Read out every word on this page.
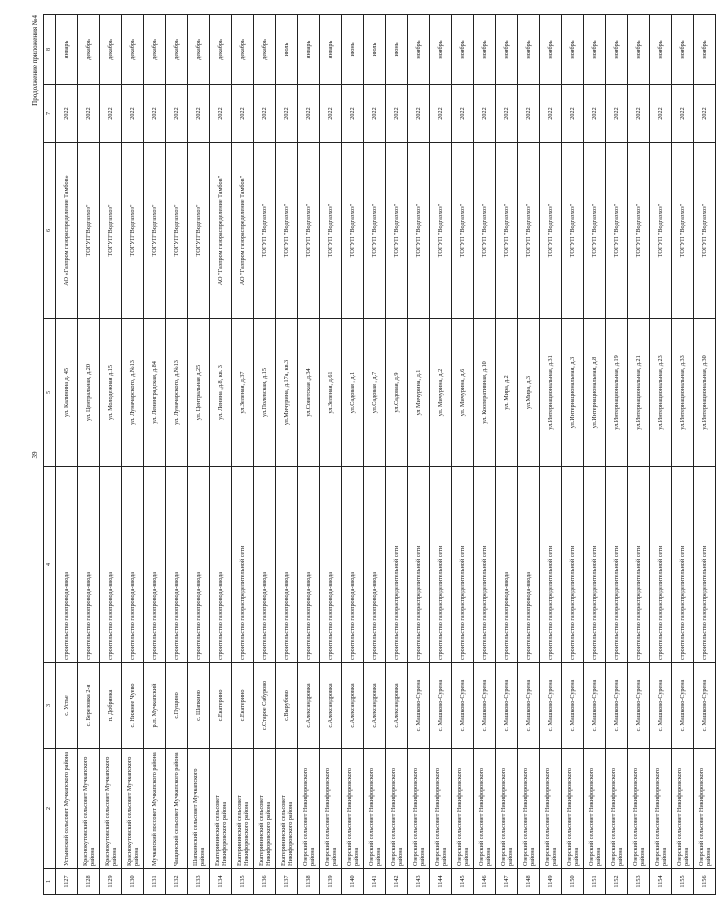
39
Продолжение приложения №4
1	2	3	4	5	6	7	8
1127	Устьинский сельсовет Мучкапского района	с. Устье	строительство газопровода-ввода	ул. Калинина д. 45	АО «Газпром газораспределение Тамбов»	2022	январь
1128	Краснокутовский сельсовет Мучкапского района	с. Березовка 2-я	строительство газопровода-ввода	ул. Центральная, д.20	ТОГУП"Водгазхоз"	2022	декабрь
1129	Краснокутовский сельсовет Мучкапского района	п. Добрянка	строительство газопровода-ввода	ул. Молодежная д.15	ТОГУП"Водгазхоз"	2022	декабрь
1130	Краснокутовский сельсовет Мучкапского района	с. Нижнее Чуево	строительство газопровода-ввода	ул. Луначарского, д.№13	ТОГУП"Водгазхоз"	2022	декабрь
1131	Мучкапский поссовет Мучкапского района	р.п. Мучкапский	строительство газопровода-ввода	ул. Ленинградская, д.84	ТОГУП"Водгазхоз"	2022	декабрь
1132	Чащинский сельсовет Мучкапского района	с.Пущино	строительство газопровода-ввода	ул. Луначарского, д.№13	ТОГУП"Водгазхоз"	2022	декабрь
1133	Шапкинский сельсовет Мучкапского района	с. Шапкино	строительство газопровода-ввода	ул. Центральная д.25	ТОГУП"Водгазхоз"	2022	декабрь
1134	Екатерининский сельсовет Никифоровского района	с.Екатерино	строительство газопровода-ввода	ул. Ленина ,д.8, кв. 3	АО "Газпром газораспределение Тамбов"	2022	декабрь
1135	Екатерининский сельсовет Никифоровского района	с.Екатерино	строительство газораспределительной сети	ул.Зеленая, д.37	АО "Газпром газораспределение Тамбов"	2022	декабрь
1136	Екатерининский сельсовет Никифоровского района	с.Старое Сабурово	строительство газопровода-ввода	ул.Полевская, д.15	ТОГУП "Водгазхоз"	2022	декабрь
1137	Екатерининский сельсовет Никифоровского района	с.Вырубово	строительство газопровода-ввода	ул.Мичурина, д.17а, кв.3	ТОГУП "Водгазхоз"	2022	июль
1138	Озерский сельсовет Никифоровского района	с.Александровка	строительство газопровода-ввода	ул.Советская ,д.34	ТОГУП "Водгазхоз"	2022	январь
1139	Озерский сельсовет Никифоровского района	с.Александровка	строительство газопровода-ввода	ул.Зеленая, д.61	ТОГУП "Водгазхоз"	2022	январь
1140	Озерский сельсовет Никифоровского района	с.Александровка	строительство газопровода-ввода	ул.Садовая , д.1	ТОГУП "Водгазхоз"	2022	июнь
1141	Озерский сельсовет Никифоровского района	с.Александровка	строительство газопровода-ввода	ул.Садовая , д.7	ТОГУП "Водгазхоз"	2022	июль
1142	Озерский сельсовет Никифоровского района	с.Александровка	строительство газораспределительной сети	ул.Садовая, д.9	ТОГУП "Водгазхоз"	2022	июнь
1143	Озерский сельсовет Никифоровского района	с. Машково-Сурена	строительство газораспределительной сети	ул Мичурина, д.1	ТОГУП "Водгазхоз"	2022	ноябрь
1144	Озерский сельсовет Никифоровского района	с. Машково-Сурена	строительство газораспределительной сети	ул. Мичурина, д.2	ТОГУП "Водгазхоз"	2022	ноябрь
1145	Озерский сельсовет Никифоровского района	с. Машково-Сурена	строительство газораспределительной сети	ул. Мичурина, д.6	ТОГУП "Водгазхоз"	2022	ноябрь
1146	Озерский сельсовет Никифоровского района	с. Машково-Сурена	строительство газораспределительной сети	ул. Кооперативная, д.10	ТОГУП "Водгазхоз"	2022	ноябрь
1147	Озерский сельсовет Никифоровского района	с. Машково-Сурена	строительство газопровода-ввода	ул. Мира, д.2	ТОГУП "Водгазхоз"	2022	ноябрь
1148	Озерский сельсовет Никифоровского района	с. Машково-Сурена	строительство газопровода-ввода	ул.Мира, д.3	ТОГУП "Водгазхоз"	2022	ноябрь
1149	Озерский сельсовет Никифоровского района	с. Машково-Сурена	строительство газораспределительной сети	ул.Интернациональная, д.31	ТОГУП "Водгазхоз"	2022	ноябрь
1150	Озерский сельсовет Никифоровского района	с. Машково-Сурена	строительство газораспределительной сети	ул.Интернациональная, д.3	ТОГУП "Водгазхоз"	2022	ноябрь
1151	Озерский сельсовет Никифоровского района	с. Машково-Сурена	строительство газораспределительной сети	ул.Интернациональная, д.8	ТОГУП "Водгазхоз"	2022	ноябрь
1152	Озерский сельсовет Никифоровского района	с. Машково-Сурена	строительство газораспределительной сети	ул.Интернациональная, д.19	ТОГУП "Водгазхоз"	2022	ноябрь
1153	Озерский сельсовет Никифоровского района	с. Машково-Сурена	строительство газораспределительной сети	ул.Интернациональная, д.21	ТОГУП "Водгазхоз"	2022	ноябрь
1154	Озерский сельсовет Никифоровского района	с. Машково-Сурена	строительство газораспределительной сети	ул.Интернациональная, д.23	ТОГУП "Водгазхоз"	2022	ноябрь
1155	Озерский сельсовет Никифоровского района	с. Машково-Сурена	строительство газораспределительной сети	ул.Интернациональная, д.33	ТОГУП "Водгазхоз"	2022	ноябрь
1156	Озерский сельсовет Никифоровского района	с. Машково-Сурена	строительство газораспределительной сети	ул.Интернациональная, д.30	ТОГУП "Водгазхоз"	2022	ноябрь
